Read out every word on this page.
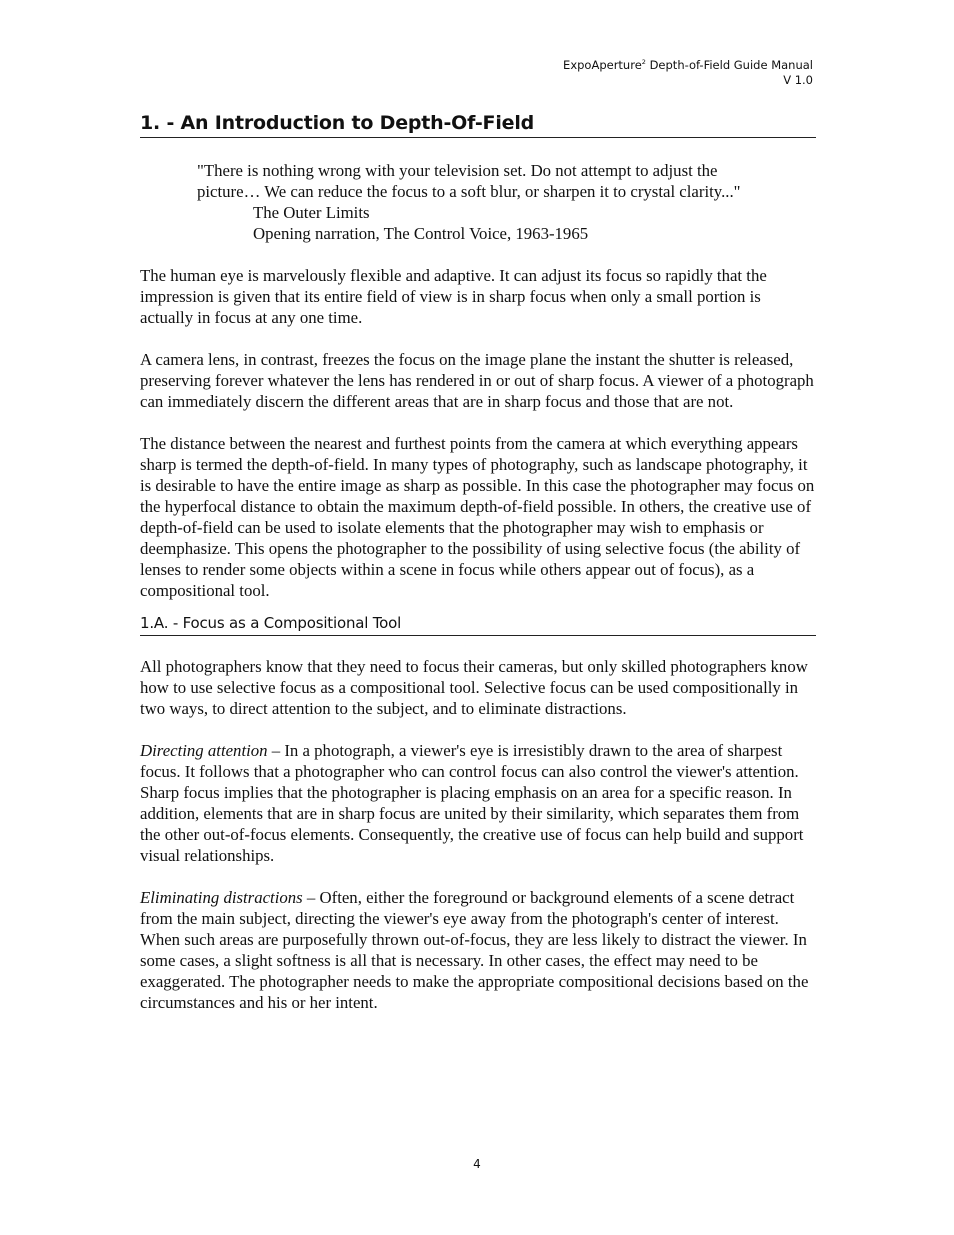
ExpoAperture$^2$ Depth-of-Field Guide Manual
V 1.0
1. - An Introduction to Depth-Of-Field
"There is nothing wrong with your television set. Do not attempt to adjust the picture… We can reduce the focus to a soft blur, or sharpen it to crystal clarity..."
The Outer Limits
Opening narration, The Control Voice, 1963-1965

The human eye is marvelously flexible and adaptive. It can adjust its focus so rapidly that the impression is given that its entire field of view is in sharp focus when only a small portion is actually in focus at any one time.

A camera lens, in contrast, freezes the focus on the image plane the instant the shutter is released, preserving forever whatever the lens has rendered in or out of sharp focus. A viewer of a photograph can immediately discern the different areas that are in sharp focus and those that are not.

The distance between the nearest and furthest points from the camera at which everything appears sharp is termed the depth-of-field. In many types of photography, such as landscape photography, it is desirable to have the entire image as sharp as possible. In this case the photographer may focus on the hyperfocal distance to obtain the maximum depth-of-field possible. In others, the creative use of depth-of-field can be used to isolate elements that the photographer may wish to emphasis or deemphasize. This opens the photographer to the possibility of using selective focus (the ability of lenses to render some objects within a scene in focus while others appear out of focus), as a compositional tool.

1.A. - Focus as a Compositional Tool

All photographers know that they need to focus their cameras, but only skilled photographers know how to use selective focus as a compositional tool. Selective focus can be used compositionally in two ways, to direct attention to the subject, and to eliminate distractions.

Directing attention – In a photograph, a viewer's eye is irresistibly drawn to the area of sharpest focus. It follows that a photographer who can control focus can also control the viewer's attention. Sharp focus implies that the photographer is placing emphasis on an area for a specific reason. In addition, elements that are in sharp focus are united by their similarity, which separates them from the other out-of-focus elements. Consequently, the creative use of focus can help build and support visual relationships.

Eliminating distractions – Often, either the foreground or background elements of a scene detract from the main subject, directing the viewer's eye away from the photograph's center of interest. When such areas are purposefully thrown out-of-focus, they are less likely to distract the viewer. In some cases, a slight softness is all that is necessary. In other cases, the effect may need to be exaggerated. The photographer needs to make the appropriate compositional decisions based on the circumstances and his or her intent.

4
